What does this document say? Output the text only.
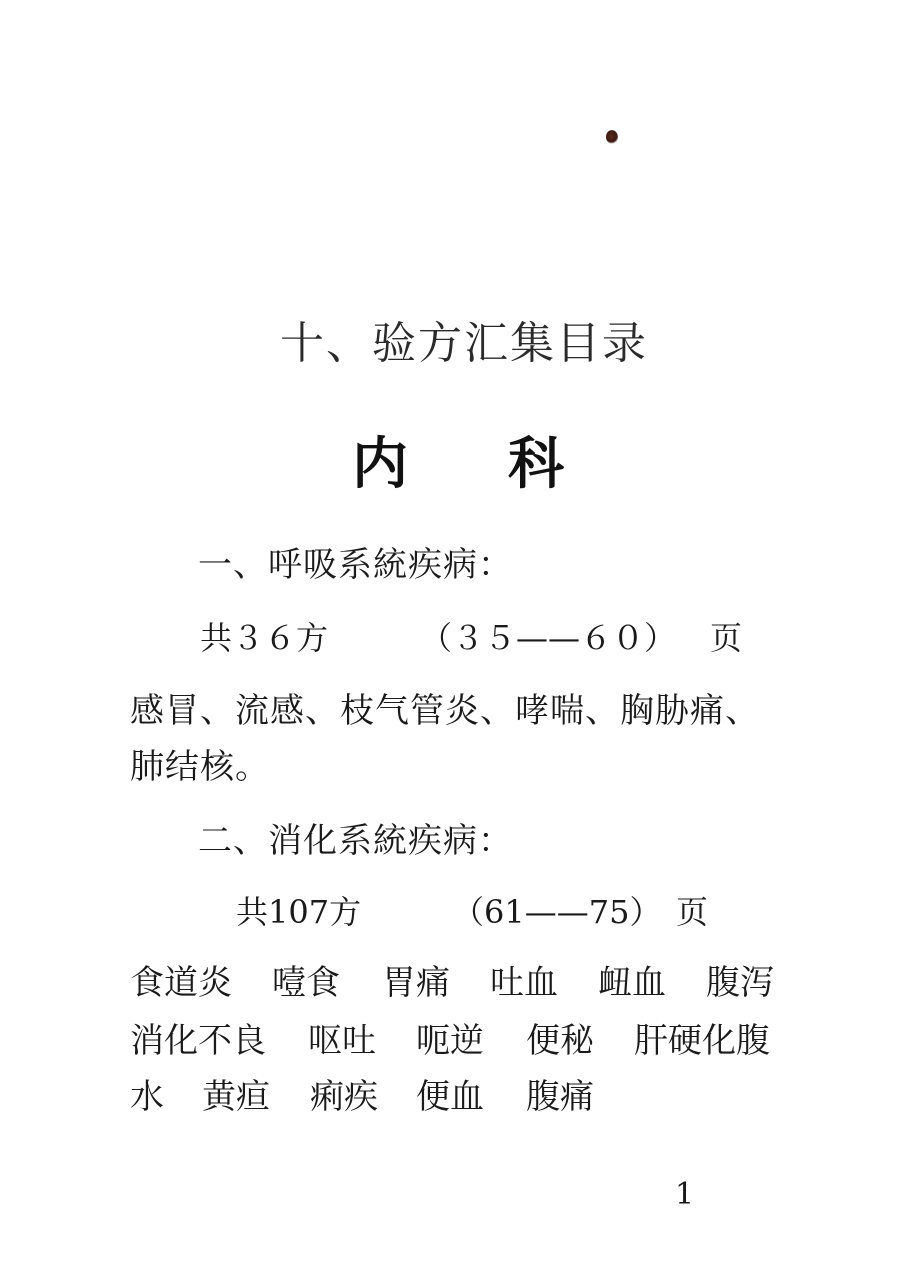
十、验方汇集目录
内 科
一、呼吸系統疾病：
共３６方	（３５——６０） 页
感冒、流感、枝气管炎、哮喘、胸胁痛、
肺结核。
二、消化系統疾病：
共107方	（61——75） 页
食道炎 噎食 胃痛 吐血 衄血 腹泻
消化不良 呕吐 呃逆 便秘 肝硬化腹
水 黄疸 痢疾 便血 腹痛
1
